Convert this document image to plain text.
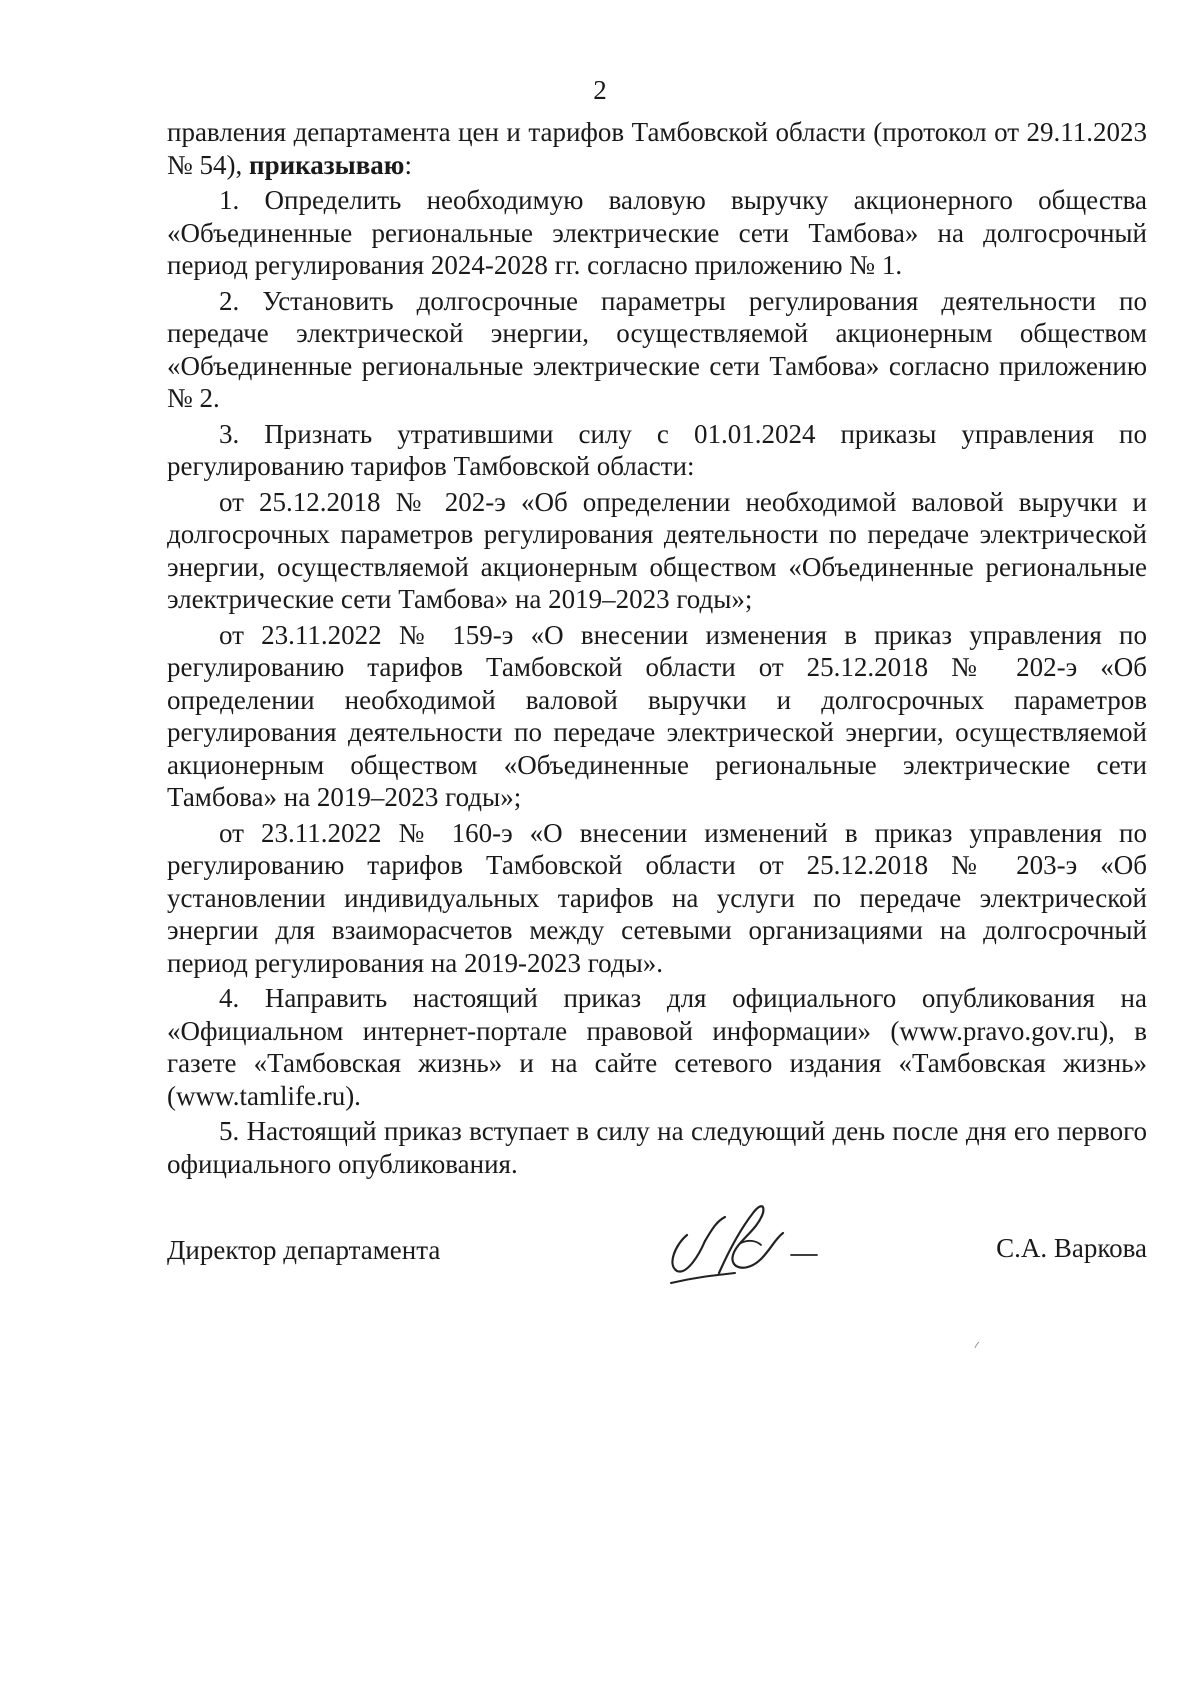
2

правления департамента цен и тарифов Тамбовской области (протокол от 29.11.2023 № 54), приказываю:

1. Определить необходимую валовую выручку акционерного общества «Объединенные региональные электрические сети Тамбова» на долгосрочный период регулирования 2024-2028 гг. согласно приложению № 1.

2. Установить долгосрочные параметры регулирования деятельности по передаче электрической энергии, осуществляемой акционерным обществом «Объединенные региональные электрические сети Тамбова» согласно приложению № 2.

3. Признать утратившими силу с 01.01.2024 приказы управления по регулированию тарифов Тамбовской области:

от 25.12.2018 № 202-э «Об определении необходимой валовой выручки и долгосрочных параметров регулирования деятельности по передаче электрической энергии, осуществляемой акционерным обществом «Объединенные региональные электрические сети Тамбова» на 2019–2023 годы»;

от 23.11.2022 № 159-э «О внесении изменения в приказ управления по регулированию тарифов Тамбовской области от 25.12.2018 № 202-э «Об определении необходимой валовой выручки и долгосрочных параметров регулирования деятельности по передаче электрической энергии, осуществляемой акционерным обществом «Объединенные региональные электрические сети Тамбова» на 2019–2023 годы»;

от 23.11.2022 № 160-э «О внесении изменений в приказ управления по регулированию тарифов Тамбовской области от 25.12.2018 № 203-э «Об установлении индивидуальных тарифов на услуги по передаче электрической энергии для взаиморасчетов между сетевыми организациями на долгосрочный период регулирования на 2019-2023 годы».

4. Направить настоящий приказ для официального опубликования на «Официальном интернет-портале правовой информации» (www.pravo.gov.ru), в газете «Тамбовская жизнь» и на сайте сетевого издания «Тамбовская жизнь» (www.tamlife.ru).

5. Настоящий приказ вступает в силу на следующий день после дня его первого официального опубликования.

Директор департамента	С.А. Варкова
